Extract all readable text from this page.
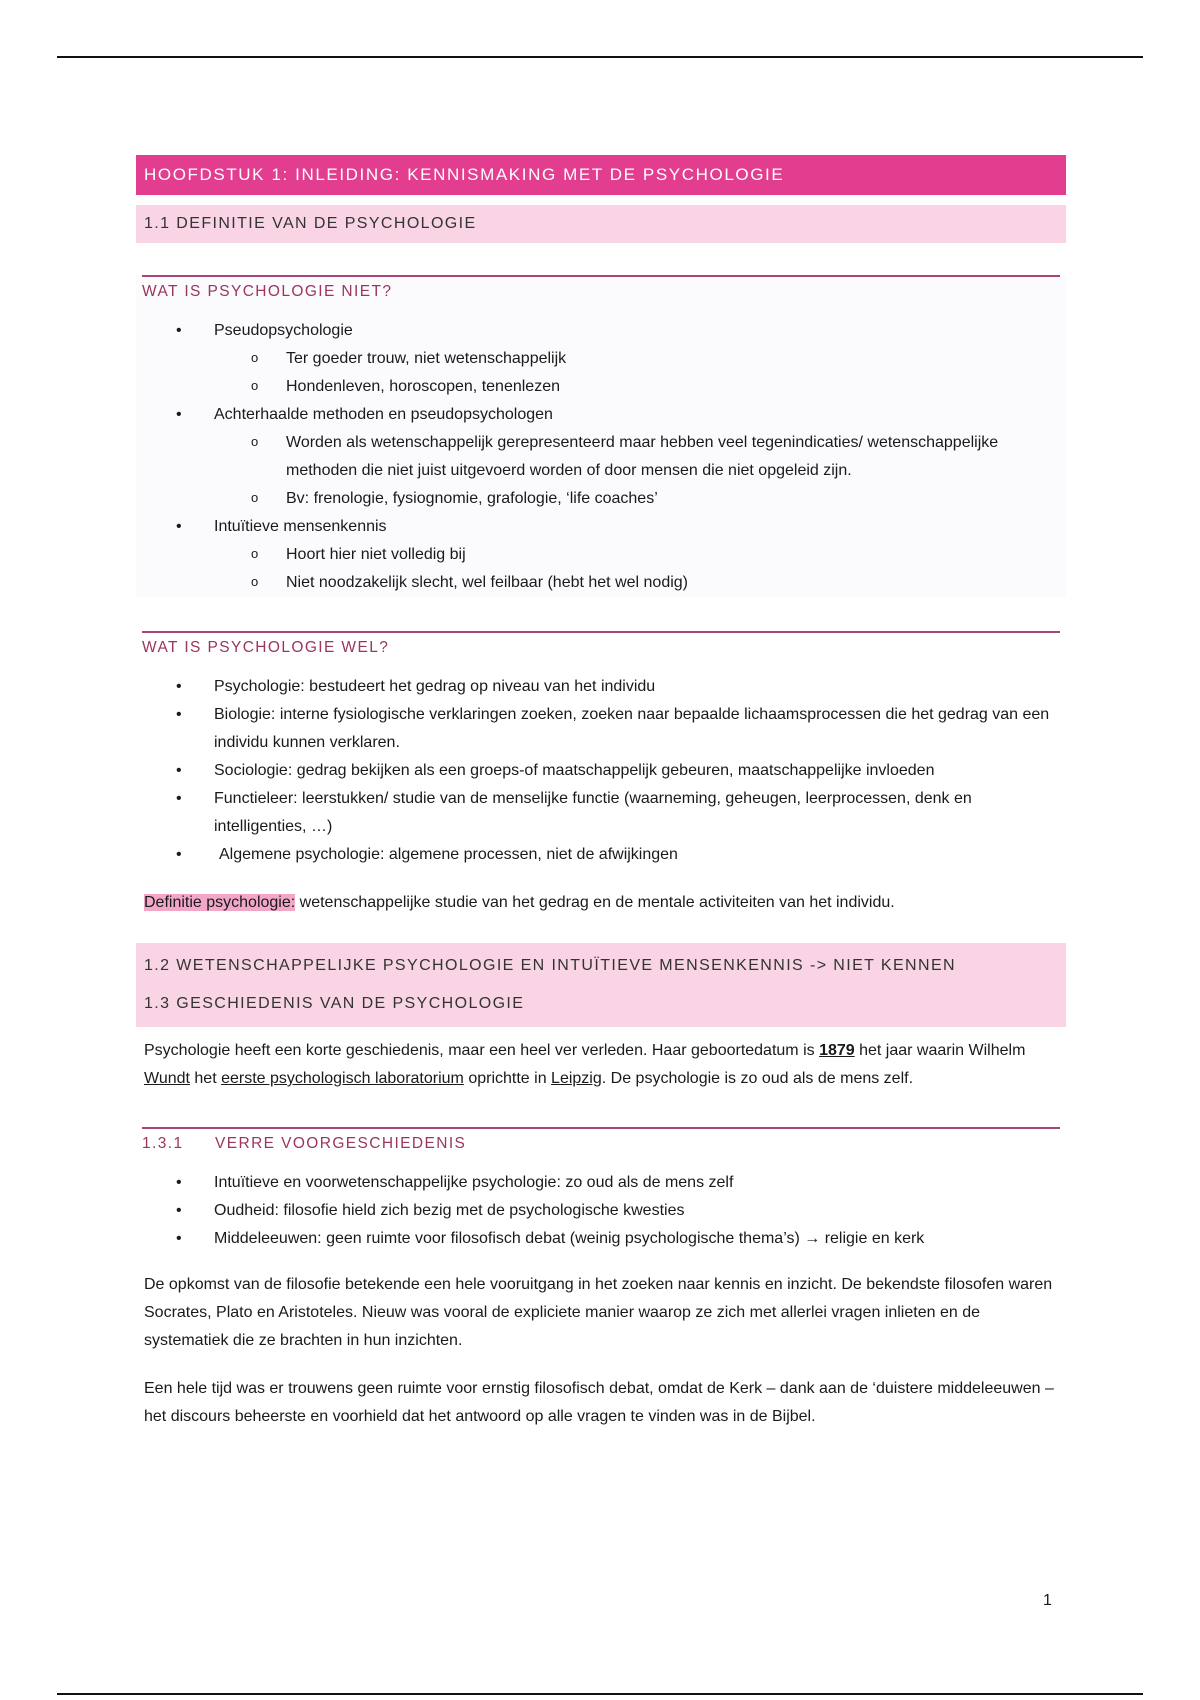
HOOFDSTUK 1: INLEIDING: KENNISMAKING MET DE PSYCHOLOGIE
1.1 DEFINITIE VAN DE PSYCHOLOGIE
WAT IS PSYCHOLOGIE NIET?
• Pseudopsychologie
o Ter goeder trouw, niet wetenschappelijk
o Hondenleven, horoscopen, tenenlezen
• Achterhaalde methoden en pseudopsychologen
o Worden als wetenschappelijk gerepresenteerd maar hebben veel tegenindicaties/ wetenschappelijke methoden die niet juist uitgevoerd worden of door mensen die niet opgeleid zijn.
o Bv: frenologie, fysiognomie, grafologie, ‘life coaches’
• Intuïtieve mensenkennis
o Hoort hier niet volledig bij
o Niet noodzakelijk slecht, wel feilbaar (hebt het wel nodig)
WAT IS PSYCHOLOGIE WEL?
• Psychologie: bestudeert het gedrag op niveau van het individu
• Biologie: interne fysiologische verklaringen zoeken, zoeken naar bepaalde lichaamsprocessen die het gedrag van een individu kunnen verklaren.
• Sociologie: gedrag bekijken als een groeps-of maatschappelijk gebeuren, maatschappelijke invloeden
• Functieleer: leerstukken/ studie van de menselijke functie (waarneming, geheugen, leerprocessen, denk en intelligenties, …)
• Algemene psychologie: algemene processen, niet de afwijkingen

Definitie psychologie: wetenschappelijke studie van het gedrag en de mentale activiteiten van het individu.

1.2 WETENSCHAPPELIJKE PSYCHOLOGIE EN INTUÏTIEVE MENSENKENNIS -> NIET KENNEN
1.3 GESCHIEDENIS VAN DE PSYCHOLOGIE

Psychologie heeft een korte geschiedenis, maar een heel ver verleden. Haar geboortedatum is 1879 het jaar waarin Wilhelm Wundt het eerste psychologisch laboratorium oprichtte in Leipzig. De psychologie is zo oud als de mens zelf.

1.3.1 VERRE VOORGESCHIEDENIS
• Intuïtieve en voorwetenschappelijke psychologie: zo oud als de mens zelf
• Oudheid: filosofie hield zich bezig met de psychologische kwesties
• Middeleeuwen: geen ruimte voor filosofisch debat (weinig psychologische thema’s) → religie en kerk

De opkomst van de filosofie betekende een hele vooruitgang in het zoeken naar kennis en inzicht. De bekendste filosofen waren Socrates, Plato en Aristoteles. Nieuw was vooral de expliciete manier waarop ze zich met allerlei vragen inlieten en de systematiek die ze brachten in hun inzichten.

Een hele tijd was er trouwens geen ruimte voor ernstig filosofisch debat, omdat de Kerk – dank aan de ‘duistere middeleeuwen – het discours beheerste en voorhield dat het antwoord op alle vragen te vinden was in de Bijbel.

1
